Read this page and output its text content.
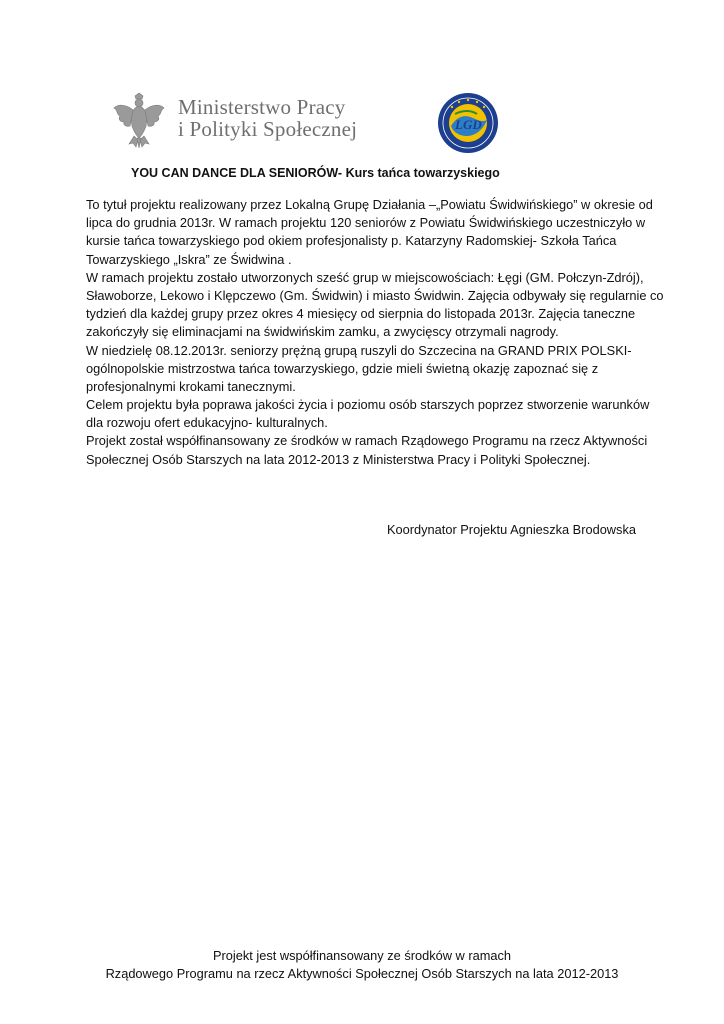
Ministerstwo Pracy
i Polityki Społecznej	LGD
YOU CAN DANCE DLA SENIORÓW- Kurs tańca towarzyskiego
To tytuł projektu realizowany przez Lokalną Grupę Działania –„Powiatu Świdwińskiego” w okresie od
lipca do grudnia 2013r. W ramach projektu 120 seniorów z Powiatu Świdwińskiego uczestniczyło w
kursie tańca towarzyskiego pod okiem profesjonalisty p. Katarzyny Radomskiej- Szkoła Tańca
Towarzyskiego „Iskra” ze Świdwina .
W ramach projektu zostało utworzonych sześć grup w miejscowościach: Łęgi (GM. Połczyn-Zdrój),
Sławoborze, Lekowo i Klępczewo (Gm. Świdwin) i miasto Świdwin. Zajęcia odbywały się regularnie co
tydzień dla każdej grupy przez okres 4 miesięcy od sierpnia do listopada 2013r. Zajęcia taneczne
zakończyły się eliminacjami na świdwińskim zamku, a zwycięscy otrzymali nagrody.
W niedzielę 08.12.2013r. seniorzy prężną grupą ruszyli do Szczecina na GRAND PRIX POLSKI-
ogólnopolskie mistrzostwa tańca towarzyskiego, gdzie mieli świetną okazję zapoznać się z
profesjonalnymi krokami tanecznymi.
Celem projektu była poprawa jakości życia i poziomu osób starszych poprzez stworzenie warunków
dla rozwoju ofert edukacyjno- kulturalnych.
Projekt został współfinansowany ze środków w ramach Rządowego Programu na rzecz Aktywności
Społecznej Osób Starszych na lata 2012-2013 z Ministerstwa Pracy i Polityki Społecznej.
Koordynator Projektu Agnieszka Brodowska
Projekt jest współfinansowany ze środków w ramach
Rządowego Programu na rzecz Aktywności Społecznej Osób Starszych na lata 2012-2013
